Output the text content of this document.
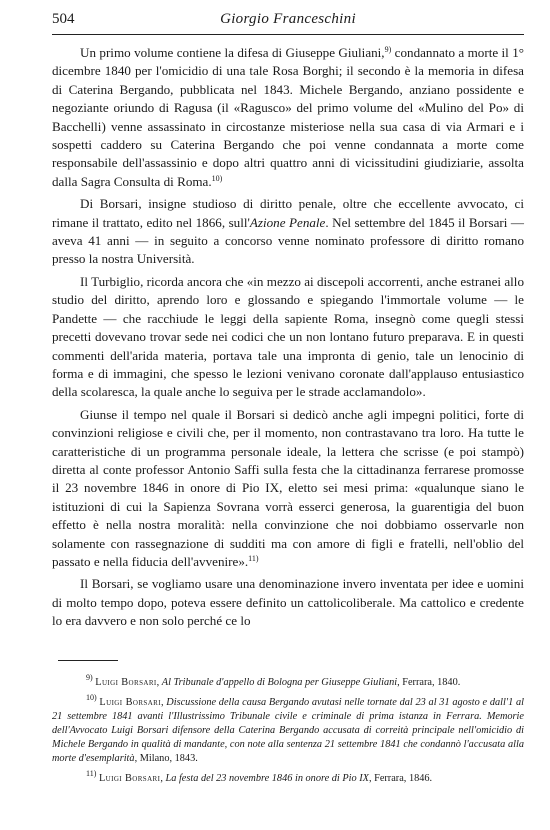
504	Giorgio Franceschini

Un primo volume contiene la difesa di Giuseppe Giuliani,$^{9)}$ condannato a morte il 1° dicembre 1840 per l'omicidio di una tale Rosa Borghi; il secondo è la memoria in difesa di Caterina Bergando, pubblicata nel 1843. Michele Bergando, anziano possidente e negoziante oriundo di Ragusa (il «Ragusco» del primo volume del «Mulino del Po» di Bacchelli) venne assassinato in circostanze misteriose nella sua casa di via Armari e i sospetti caddero su Caterina Bergando che poi venne condannata a morte come responsabile dell'assassinio e dopo altri quattro anni di vicissitudini giudiziarie, assolta dalla Sagra Consulta di Roma.$^{10)}$

Di Borsari, insigne studioso di diritto penale, oltre che eccellente avvocato, ci rimane il trattato, edito nel 1866, sull'Azione Penale. Nel settembre del 1845 il Borsari — aveva 41 anni — in seguito a concorso venne nominato professore di diritto romano presso la nostra Università.

Il Turbiglio, ricorda ancora che «in mezzo ai discepoli accorrenti, anche estranei allo studio del diritto, aprendo loro e glossando e spiegando l'immortale volume — le Pandette — che racchiude le leggi della sapiente Roma, insegnò come quegli stessi precetti dovevano trovar sede nei codici che un non lontano futuro preparava. E in questi commenti dell'arida materia, portava tale una impronta di genio, tale un lenocinio di forma e di immagini, che spesso le lezioni venivano coronate dall'applauso entusiastico della scolaresca, la quale anche lo seguiva per le strade acclamandolo».

Giunse il tempo nel quale il Borsari si dedicò anche agli impegni politici, forte di convinzioni religiose e civili che, per il momento, non contrastavano tra loro. Ha tutte le caratteristiche di un programma personale ideale, la lettera che scrisse (e poi stampò) diretta al conte professor Antonio Saffi sulla festa che la cittadinanza ferrarese promosse il 23 novembre 1846 in onore di Pio IX, eletto sei mesi prima: «qualunque siano le istituzioni di cui la Sapienza Sovrana vorrà esserci generosa, la guarentigia del buon effetto è nella nostra moralità: nella convinzione che noi dobbiamo osservarle non solamente con rassegnazione di sudditi ma con amore di figli e fratelli, nell'oblio del passato e nella fiducia dell'avvenire».$^{11)}$

Il Borsari, se vogliamo usare una denominazione invero inventata per idee e uomini di molto tempo dopo, poteva essere definito un cattolicoliberale. Ma cattolico e credente lo era davvero e non solo perché ce lo

$^{9)}$ Luigi Borsari, Al Tribunale d'appello di Bologna per Giuseppe Giuliani, Ferrara, 1840.

$^{10)}$ Luigi Borsari, Discussione della causa Bergando avutasi nelle tornate dal 23 al 31 agosto e dall'1 al 21 settembre 1841 avanti l'Illustrissimo Tribunale civile e criminale di prima istanza in Ferrara. Memorie dell'Avvocato Luigi Borsari difensore della Caterina Bergando accusata di correità principale nell'omicidio di Michele Bergando in qualità di mandante, con note alla sentenza 21 settembre 1841 che condannò l'accusata alla morte d'esemplarità, Milano, 1843.

$^{11)}$ Luigi Borsari, La festa del 23 novembre 1846 in onore di Pio IX, Ferrara, 1846.
